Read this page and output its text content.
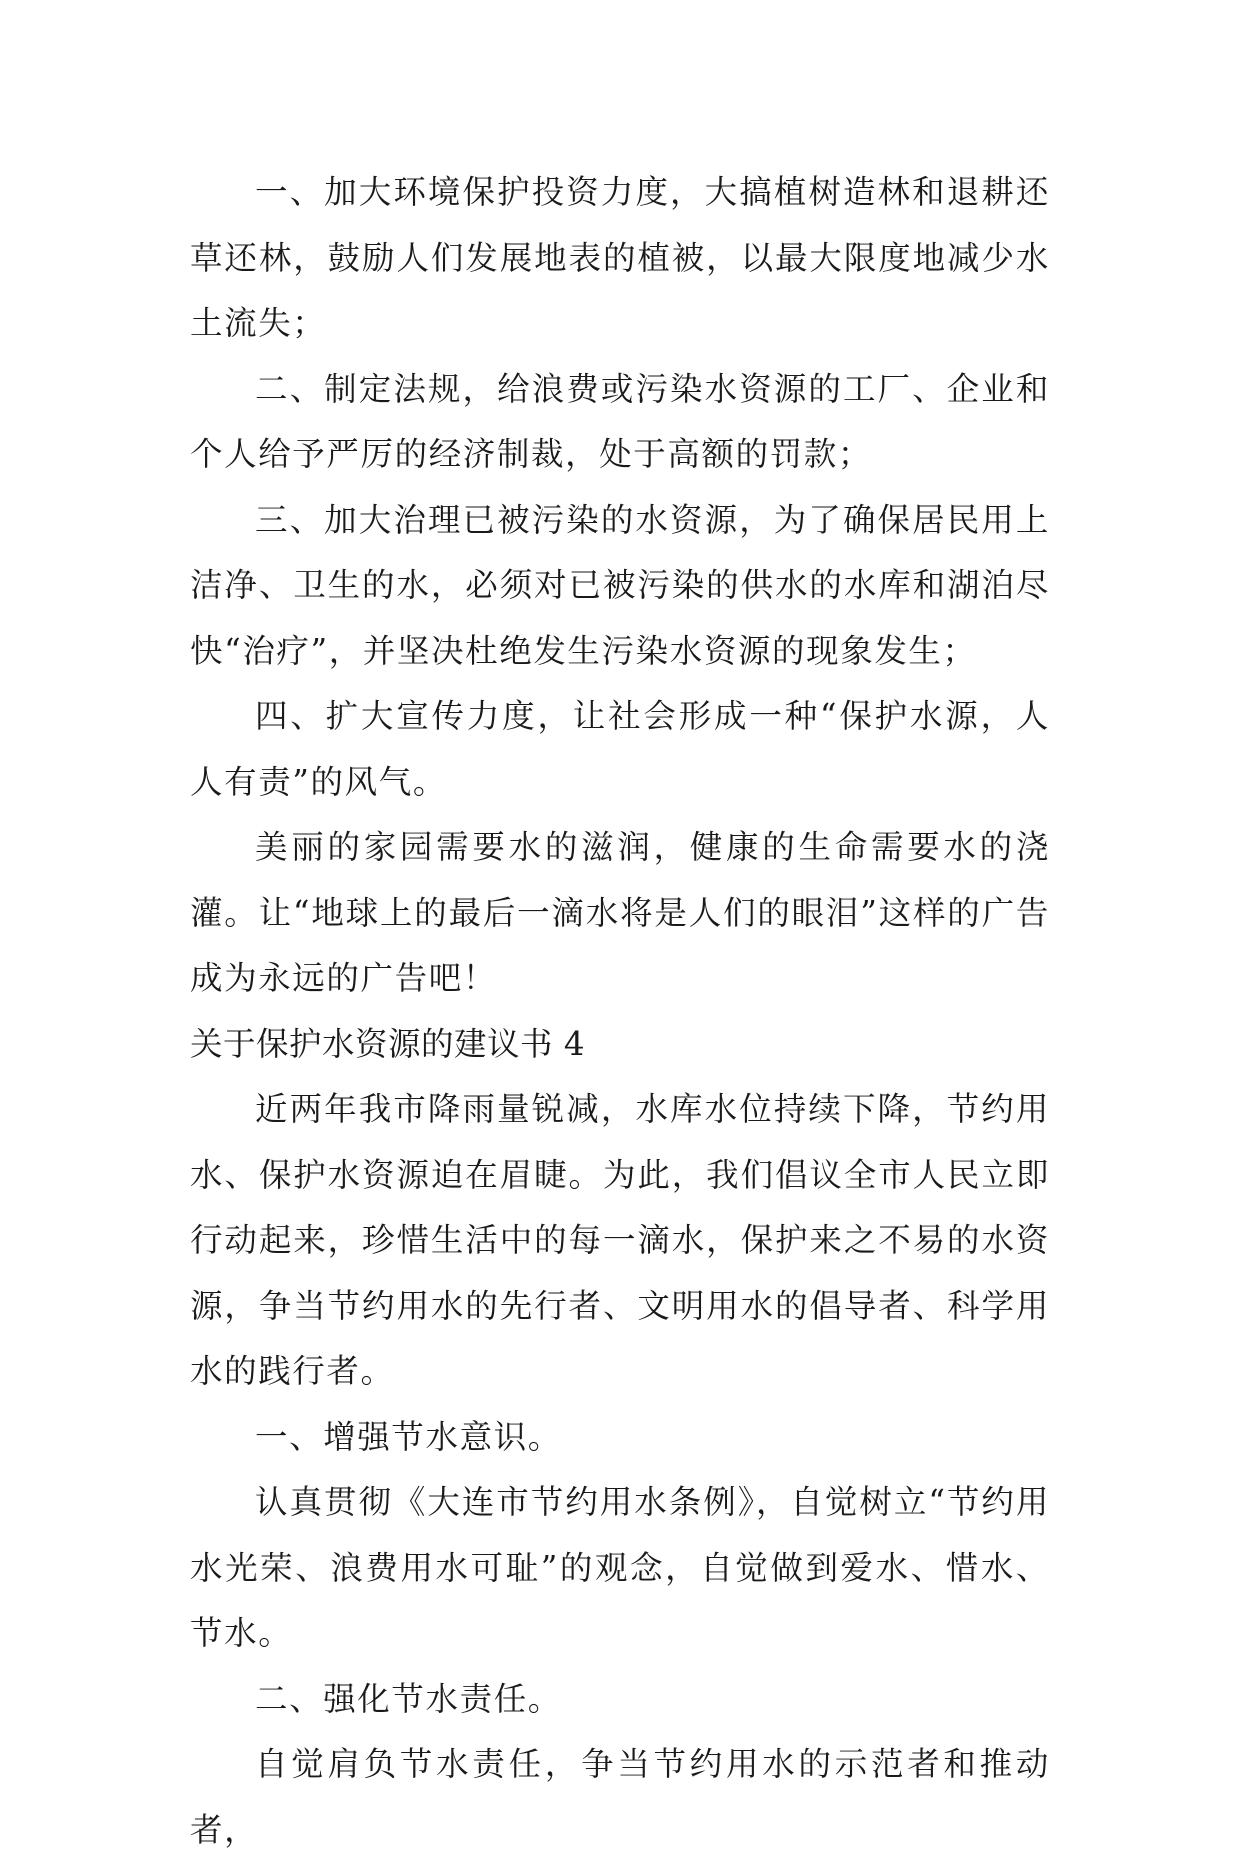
一、加大环境保护投资力度，大搞植树造林和退耕还草还林，鼓励人们发展地表的植被，以最大限度地减少水土流失；

二、制定法规，给浪费或污染水资源的工厂、企业和个人给予严厉的经济制裁，处于高额的罚款；

三、加大治理已被污染的水资源，为了确保居民用上洁净、卫生的水，必须对已被污染的供水的水库和湖泊尽快“治疗”，并坚决杜绝发生污染水资源的现象发生；

四、扩大宣传力度，让社会形成一种“保护水源，人人有责”的风气。

美丽的家园需要水的滋润，健康的生命需要水的浇灌。让“地球上的最后一滴水将是人们的眼泪”这样的广告成为永远的广告吧！

关于保护水资源的建议书 4

近两年我市降雨量锐减，水库水位持续下降，节约用水、保护水资源迫在眉睫。为此，我们倡议全市人民立即行动起来，珍惜生活中的每一滴水，保护来之不易的水资源，争当节约用水的先行者、文明用水的倡导者、科学用水的践行者。

一、增强节水意识。

认真贯彻《大连市节约用水条例》，自觉树立“节约用水光荣、浪费用水可耻”的观念，自觉做到爱水、惜水、节水。

二、强化节水责任。

自觉肩负节水责任，争当节约用水的示范者和推动者，
